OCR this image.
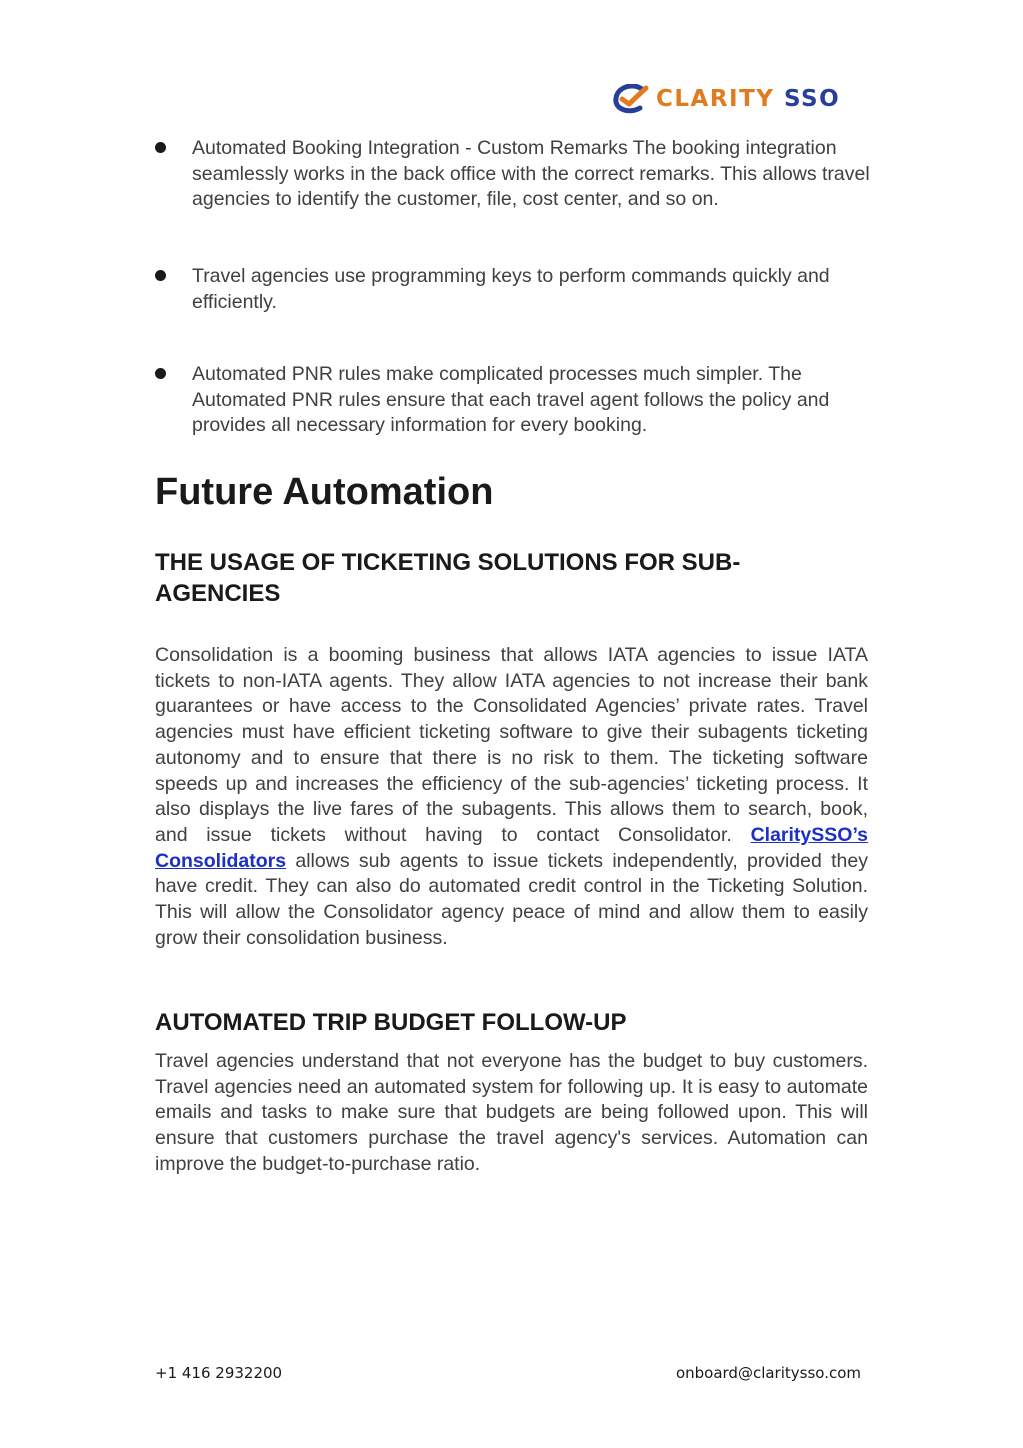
CLARITY SSO
Automated Booking Integration - Custom Remarks The booking integration seamlessly works in the back office with the correct remarks. This allows travel agencies to identify the customer, file, cost center, and so on.
Travel agencies use programming keys to perform commands quickly and efficiently.
Automated PNR rules make complicated processes much simpler. The Automated PNR rules ensure that each travel agent follows the policy and provides all necessary information for every booking.
Future Automation
THE USAGE OF TICKETING SOLUTIONS FOR SUB-AGENCIES
Consolidation is a booming business that allows IATA agencies to issue IATA tickets to non-IATA agents. They allow IATA agencies to not increase their bank guarantees or have access to the Consolidated Agencies’ private rates. Travel agencies must have efficient ticketing software to give their subagents ticketing autonomy and to ensure that there is no risk to them. The ticketing software speeds up and increases the efficiency of the sub-agencies’ ticketing process. It also displays the live fares of the subagents. This allows them to search, book, and issue tickets without having to contact Consolidator. ClaritySSO’s Consolidators allows sub agents to issue tickets independently, provided they have credit. They can also do automated credit control in the Ticketing Solution. This will allow the Consolidator agency peace of mind and allow them to easily grow their consolidation business.
AUTOMATED TRIP BUDGET FOLLOW-UP
Travel agencies understand that not everyone has the budget to buy customers. Travel agencies need an automated system for following up. It is easy to automate emails and tasks to make sure that budgets are being followed upon. This will ensure that customers purchase the travel agency's services. Automation can improve the budget-to-purchase ratio.
+1 416 2932200	onboard@claritysso.com
